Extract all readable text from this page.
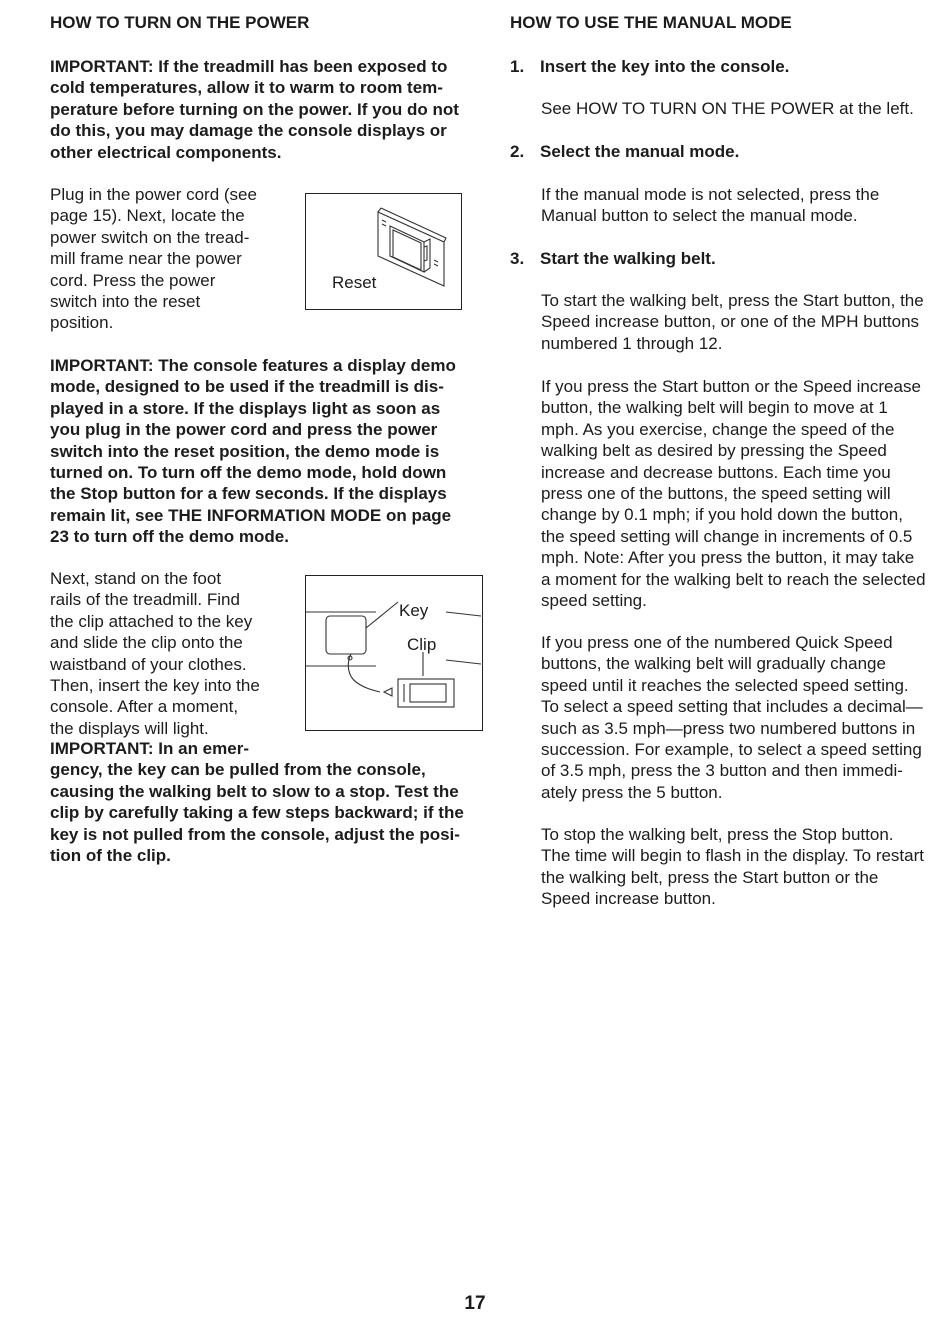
HOW TO TURN ON THE POWER
IMPORTANT: If the treadmill has been exposed to
cold temperatures, allow it to warm to room tem-
perature before turning on the power. If you do not
do this, you may damage the console displays or
other electrical components.
Plug in the power cord (see
page 15). Next, locate the
power switch on the tread-
mill frame near the power
cord. Press the power
switch into the reset
position.
Reset
IMPORTANT: The console features a display demo
mode, designed to be used if the treadmill is dis-
played in a store. If the displays light as soon as
you plug in the power cord and press the power
switch into the reset position, the demo mode is
turned on. To turn off the demo mode, hold down
the Stop button for a few seconds. If the displays
remain lit, see THE INFORMATION MODE on page
23 to turn off the demo mode.
Next, stand on the foot
rails of the treadmill. Find
the clip attached to the key
and slide the clip onto the
waistband of your clothes.
Then, insert the key into the
console. After a moment,
the displays will light.
Key
Clip
IMPORTANT: In an emer-
gency, the key can be pulled from the console,
causing the walking belt to slow to a stop. Test the
clip by carefully taking a few steps backward; if the
key is not pulled from the console, adjust the posi-
tion of the clip.
HOW TO USE THE MANUAL MODE
1. Insert the key into the console.
See HOW TO TURN ON THE POWER at the left.
2. Select the manual mode.
If the manual mode is not selected, press the
Manual button to select the manual mode.
3. Start the walking belt.
To start the walking belt, press the Start button, the
Speed increase button, or one of the MPH buttons
numbered 1 through 12.
If you press the Start button or the Speed increase
button, the walking belt will begin to move at 1
mph. As you exercise, change the speed of the
walking belt as desired by pressing the Speed
increase and decrease buttons. Each time you
press one of the buttons, the speed setting will
change by 0.1 mph; if you hold down the button,
the speed setting will change in increments of 0.5
mph. Note: After you press the button, it may take
a moment for the walking belt to reach the selected
speed setting.
If you press one of the numbered Quick Speed
buttons, the walking belt will gradually change
speed until it reaches the selected speed setting.
To select a speed setting that includes a decimal—
such as 3.5 mph—press two numbered buttons in
succession. For example, to select a speed setting
of 3.5 mph, press the 3 button and then immedi-
ately press the 5 button.
To stop the walking belt, press the Stop button.
The time will begin to flash in the display. To restart
the walking belt, press the Start button or the
Speed increase button.
17
